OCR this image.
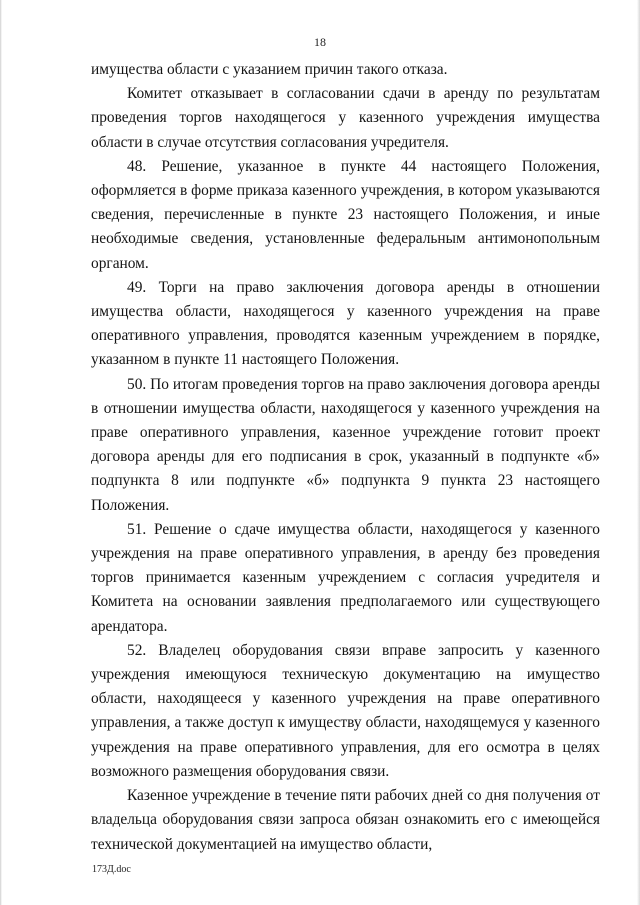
18

имущества области с указанием причин такого отказа.

Комитет отказывает в согласовании сдачи в аренду по результатам проведения торгов находящегося у казенного учреждения имущества области в случае отсутствия согласования учредителя.

48. Решение, указанное в пункте 44 настоящего Положения, оформляется в форме приказа казенного учреждения, в котором указываются сведения, перечисленные в пункте 23 настоящего Положения, и иные необходимые сведения, установленные федеральным антимонопольным органом.

49. Торги на право заключения договора аренды в отношении имущества области, находящегося у казенного учреждения на праве оперативного управления, проводятся казенным учреждением в порядке, указанном в пункте 11 настоящего Положения.

50. По итогам проведения торгов на право заключения договора аренды в отношении имущества области, находящегося у казенного учреждения на праве оперативного управления, казенное учреждение готовит проект договора аренды для его подписания в срок, указанный в подпункте «б» подпункта 8 или подпункте «б» подпункта 9 пункта 23 настоящего Положения.

51. Решение о сдаче имущества области, находящегося у казенного учреждения на праве оперативного управления, в аренду без проведения торгов принимается казенным учреждением с согласия учредителя и Комитета на основании заявления предполагаемого или существующего арендатора.

52. Владелец оборудования связи вправе запросить у казенного учреждения имеющуюся техническую документацию на имущество области, находящееся у казенного учреждения на праве оперативного управления, а также доступ к имуществу области, находящемуся у казенного учреждения на праве оперативного управления, для его осмотра в целях возможного размещения оборудования связи.

Казенное учреждение в течение пяти рабочих дней со дня получения от владельца оборудования связи запроса обязан ознакомить его с имеющейся технической документацией на имущество области,

173Д.doc
